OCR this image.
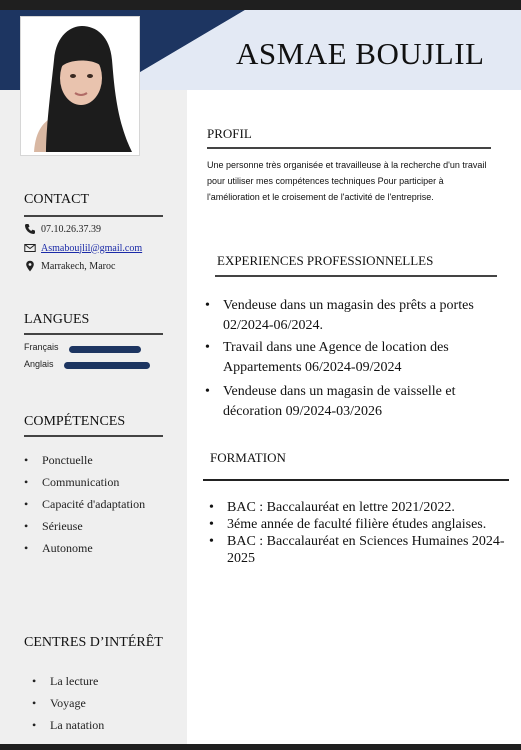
ASMAE BOUJLIL
CONTACT
07.10.26.37.39
Asmaboujlil@gmail.com
Marrakech, Maroc
LANGUES
Français
Anglais
COMPÉTENCES
• Ponctuelle
• Communication
• Capacité d'adaptation
• Sérieuse
• Autonome
CENTRES D’INTÉRÊT
• La lecture
• Voyage
• La natation
PROFIL
Une personne très organisée et travailleuse à la recherche d'un travail pour utiliser mes compétences techniques Pour participer à l'amélioration et le croisement de l'activité de l'entreprise.
EXPERIENCES PROFESSIONNELLES
• Vendeuse dans un magasin des prêts a portes 02/2024-06/2024.
• Travail dans une Agence de location des Appartements 06/2024-09/2024
• Vendeuse dans un magasin de vaisselle et décoration 09/2024-03/2026
FORMATION
• BAC : Baccalauréat en lettre 2021/2022.
• 3éme année de faculté filière études anglaises.
• BAC : Baccalauréat en Sciences Humaines 2024-2025
